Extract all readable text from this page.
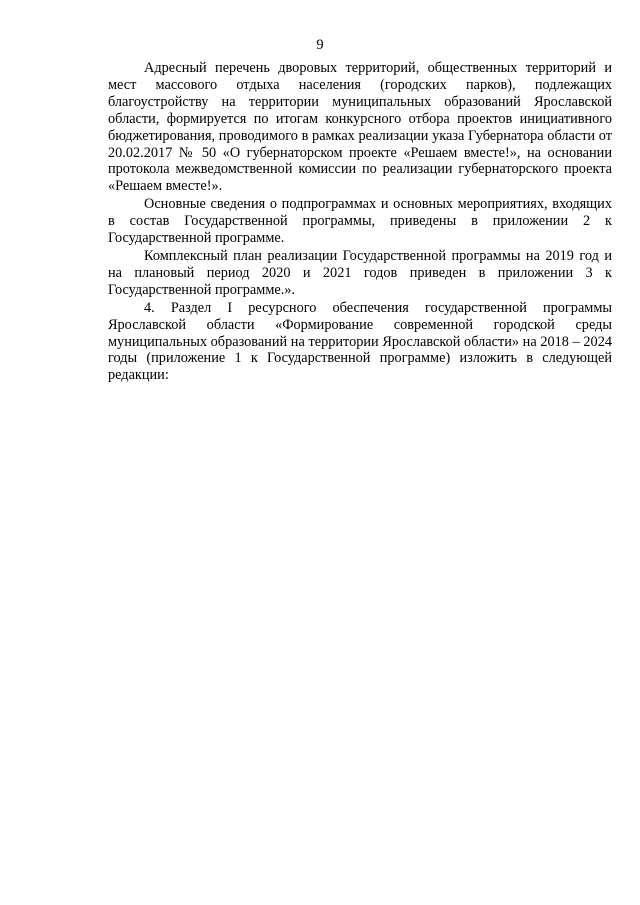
9

Адресный перечень дворовых территорий, общественных территорий и мест массового отдыха населения (городских парков), подлежащих благоустройству на территории муниципальных образований Ярославской области, формируется по итогам конкурсного отбора проектов инициативного бюджетирования, проводимого в рамках реализации указа Губернатора области от 20.02.2017 № 50 «О губернаторском проекте «Решаем вместе!», на основании протокола межведомственной комиссии по реализации губернаторского проекта «Решаем вместе!».

Основные сведения о подпрограммах и основных мероприятиях, входящих в состав Государственной программы, приведены в приложении 2 к Государственной программе.

Комплексный план реализации Государственной программы на 2019 год и на плановый период 2020 и 2021 годов приведен в приложении 3 к Государственной программе.».

4. Раздел I ресурсного обеспечения государственной программы Ярославской области «Формирование современной городской среды муниципальных образований на территории Ярославской области» на 2018 – 2024 годы (приложение 1 к Государственной программе) изложить в следующей редакции:
